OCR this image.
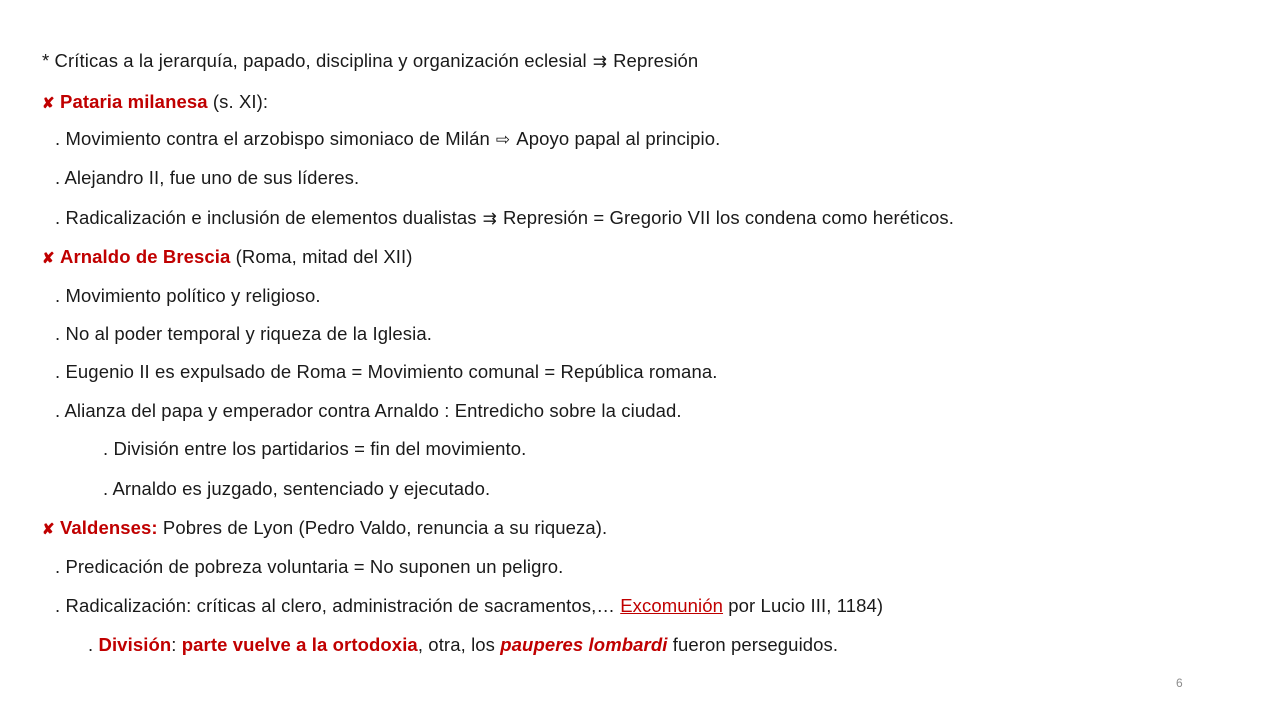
* Críticas a la jerarquía, papado, disciplina y organización eclesial ⇉ Represión
✘ Pataria milanesa (s. XI):
. Movimiento contra el arzobispo simoniaco de Milán ⇨ Apoyo papal al principio.
. Alejandro II, fue uno de sus líderes.
. Radicalización e inclusión de elementos dualistas ⇉ Represión = Gregorio VII los condena como heréticos.
✘ Arnaldo de Brescia (Roma, mitad del XII)
. Movimiento político y religioso.
. No al poder temporal y riqueza de la Iglesia.
. Eugenio II es expulsado de Roma = Movimiento comunal = República romana.
. Alianza del papa y emperador contra Arnaldo : Entredicho sobre la ciudad.
. División entre los partidarios = fin del movimiento.
. Arnaldo es juzgado, sentenciado y ejecutado.
✘ Valdenses: Pobres de Lyon (Pedro Valdo, renuncia a su riqueza).
. Predicación de pobreza voluntaria = No suponen un peligro.
. Radicalización: críticas al clero, administración de sacramentos,… Excomunión por Lucio III, 1184)
. División: parte vuelve a la ortodoxia, otra, los pauperes lombardi fueron perseguidos.
6
